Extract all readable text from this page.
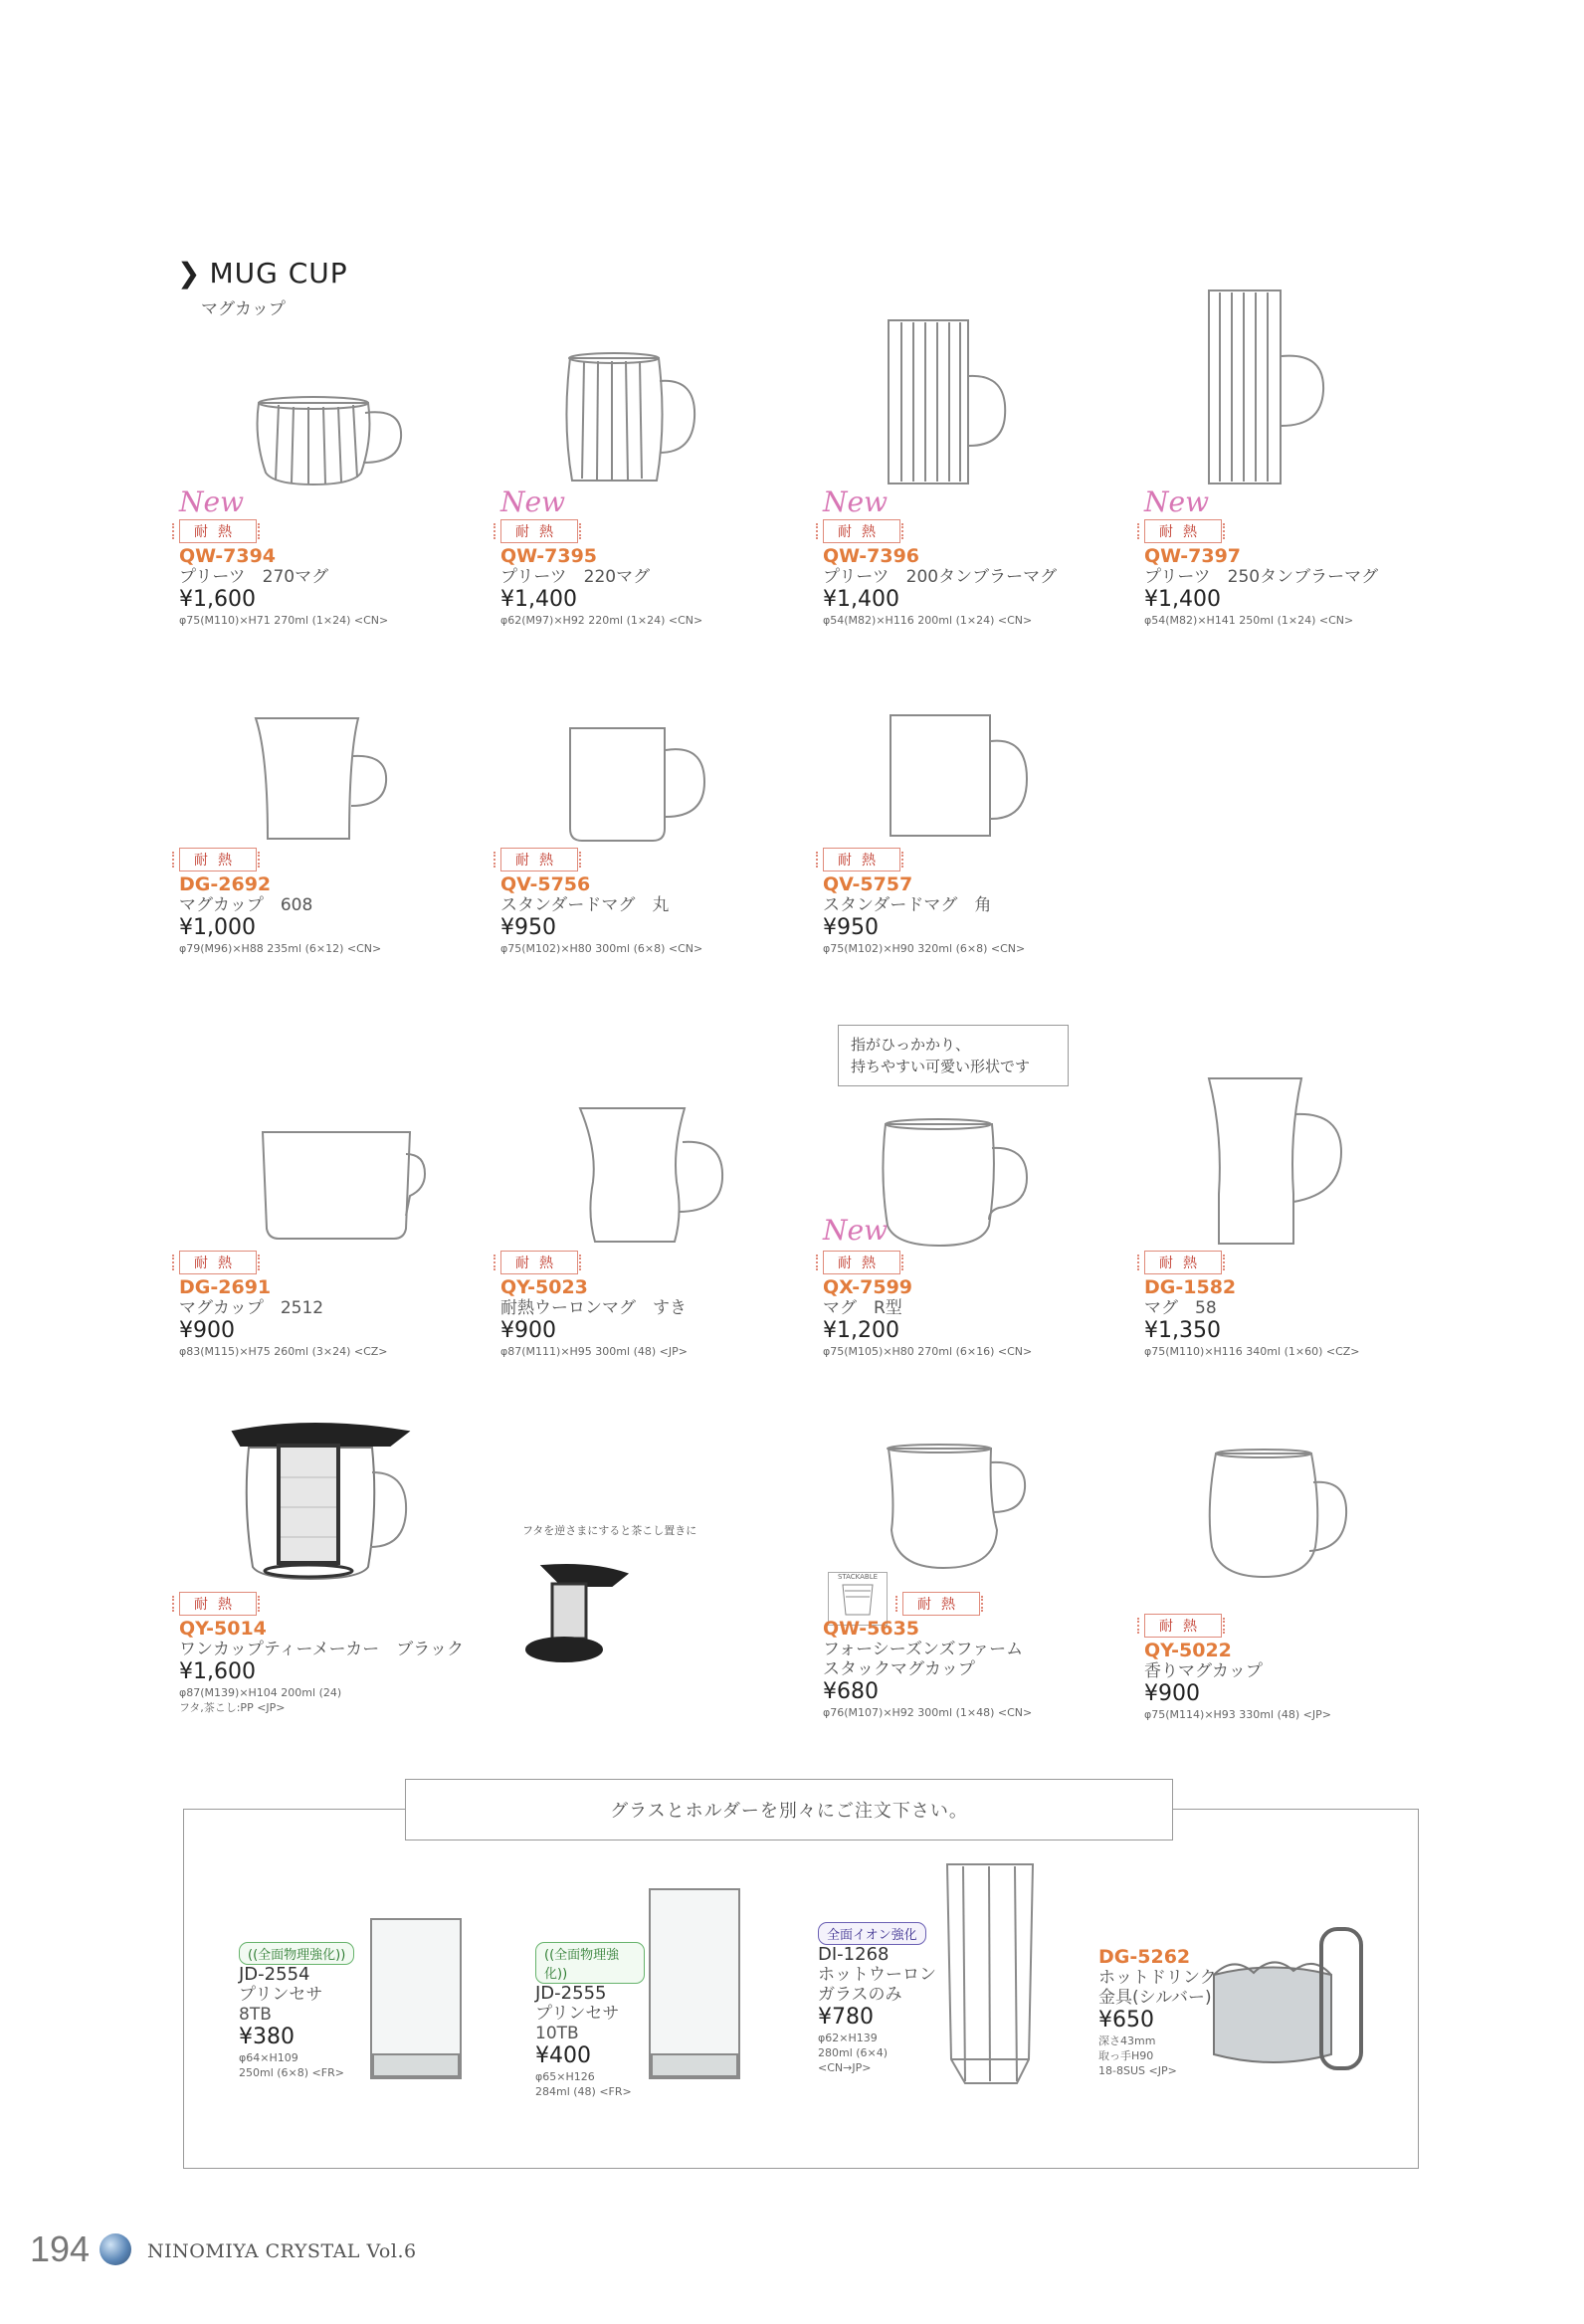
❯ MUG CUP
マグカップ
New
耐熱
QW-7394
プリーツ　270マグ
¥1,600
φ75(M110)×H71 270ml (1×24) <CN>
New
耐熱
QW-7395
プリーツ　220マグ
¥1,400
φ62(M97)×H92 220ml (1×24) <CN>
New
耐熱
QW-7396
プリーツ　200タンブラーマグ
¥1,400
φ54(M82)×H116 200ml (1×24) <CN>
New
耐熱
QW-7397
プリーツ　250タンブラーマグ
¥1,400
φ54(M82)×H141 250ml (1×24) <CN>
耐熱
DG-2692
マグカップ　608
¥1,000
φ79(M96)×H88 235ml (6×12) <CN>
耐熱
QV-5756
スタンダードマグ　丸
¥950
φ75(M102)×H80 300ml (6×8) <CN>
耐熱
QV-5757
スタンダードマグ　角
¥950
φ75(M102)×H90 320ml (6×8) <CN>
指がひっかかり、
持ちやすい可愛い形状です
New
耐熱
DG-2691
マグカップ　2512
¥900
φ83(M115)×H75 260ml (3×24) <CZ>
耐熱
QY-5023
耐熱ウーロンマグ　すき
¥900
φ87(M111)×H95 300ml (48) <JP>
耐熱
QX-7599
マグ　R型
¥1,200
φ75(M105)×H80 270ml (6×16) <CN>
耐熱
DG-1582
マグ　58
¥1,350
φ75(M110)×H116 340ml (1×60) <CZ>
フタを逆さまにすると茶こし置きに
STACKABLE
耐熱
QY-5014
ワンカップティーメーカー　ブラック
¥1,600
φ87(M139)×H104 200ml (24)
フタ,茶こし:PP <JP>
耐熱
QW-5635
フォーシーズンズファーム
スタックマグカップ
¥680
φ76(M107)×H92 300ml (1×48) <CN>
耐熱
QY-5022
香りマグカップ
¥900
φ75(M114)×H93 330ml (48) <JP>
グラスとホルダーを別々にご注文下さい。
((全面物理強化))
JD-2554
プリンセサ
8TB
¥380
φ64×H109
250ml (6×8) <FR>
((全面物理強化))
JD-2555
プリンセサ
10TB
¥400
φ65×H126
284ml (48) <FR>
全面イオン強化
DI-1268
ホットウーロン
ガラスのみ
¥780
φ62×H139
280ml (6×4)
<CN→JP>
DG-5262
ホットドリンク
金具(シルバー)
¥650
深さ43mm
取っ手H90
18-8SUS <JP>
194	NINOMIYA CRYSTAL Vol.6
